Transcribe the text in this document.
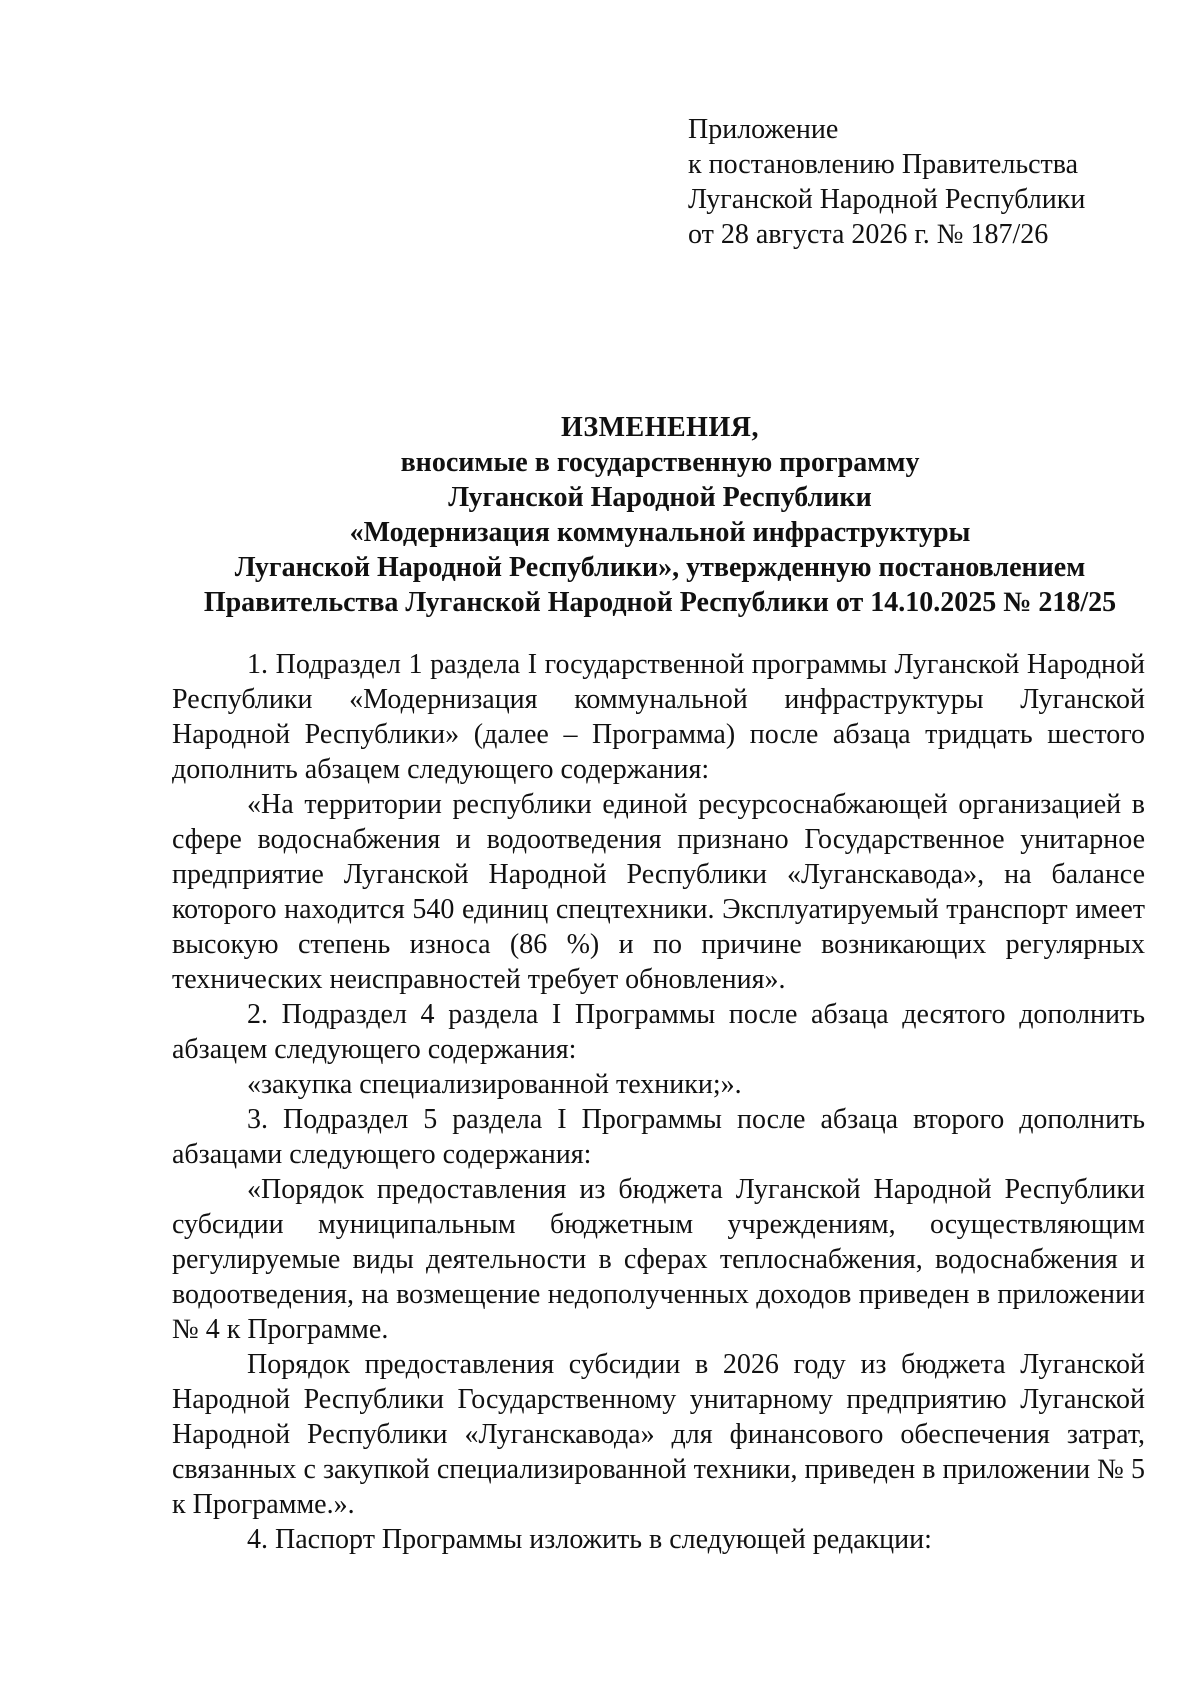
Приложение
к постановлению Правительства
Луганской Народной Республики
от 28 августа 2026 г. № 187/26
ИЗМЕНЕНИЯ,
вносимые в государственную программу
Луганской Народной Республики
«Модернизация коммунальной инфраструктуры
Луганской Народной Республики», утвержденную постановлением
Правительства Луганской Народной Республики от 14.10.2025 № 218/25

1. Подраздел 1 раздела I государственной программы Луганской Народной Республики «Модернизация коммунальной инфраструктуры Луганской Народной Республики» (далее – Программа) после абзаца тридцать шестого дополнить абзацем следующего содержания:

«На территории республики единой ресурсоснабжающей организацией в сфере водоснабжения и водоотведения признано Государственное унитарное предприятие Луганской Народной Республики «Луганскавода», на балансе которого находится 540 единиц спецтехники. Эксплуатируемый транспорт имеет высокую степень износа (86 %) и по причине возникающих регулярных технических неисправностей требует обновления».

2. Подраздел 4 раздела I Программы после абзаца десятого дополнить абзацем следующего содержания:

«закупка специализированной техники;».

3. Подраздел 5 раздела I Программы после абзаца второго дополнить абзацами следующего содержания:

«Порядок предоставления из бюджета Луганской Народной Республики субсидии муниципальным бюджетным учреждениям, осуществляющим регулируемые виды деятельности в сферах теплоснабжения, водоснабжения и водоотведения, на возмещение недополученных доходов приведен в приложении № 4 к Программе.

Порядок предоставления субсидии в 2026 году из бюджета Луганской Народной Республики Государственному унитарному предприятию Луганской Народной Республики «Луганскавода» для финансового обеспечения затрат, связанных с закупкой специализированной техники, приведен в приложении № 5 к Программе.».

4. Паспорт Программы изложить в следующей редакции:
